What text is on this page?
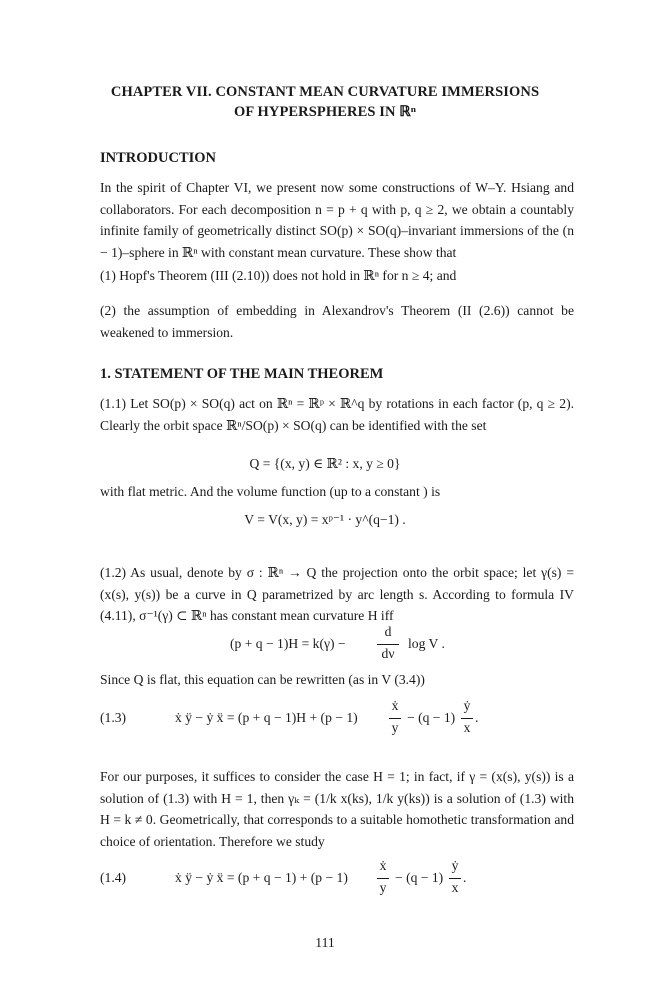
CHAPTER VII. CONSTANT MEAN CURVATURE IMMERSIONS
OF HYPERSPHERES IN ℝⁿ
INTRODUCTION
In the spirit of Chapter VI, we present now some constructions of W–Y. Hsiang and collaborators. For each decomposition n = p + q with p, q ≥ 2, we obtain a countably infinite family of geometrically distinct SO(p) × SO(q)–invariant immersions of the (n − 1)–sphere in ℝⁿ with constant mean curvature. These show that
(1) Hopf's Theorem (III (2.10)) does not hold in ℝⁿ for n ≥ 4; and
(2) the assumption of embedding in Alexandrov's Theorem (II (2.6)) cannot be weakened to immersion.
1. STATEMENT OF THE MAIN THEOREM
(1.1) Let SO(p) × SO(q) act on ℝⁿ = ℝᵖ × ℝ^q by rotations in each factor (p, q ≥ 2). Clearly the orbit space ℝⁿ/SO(p) × SO(q) can be identified with the set
Q = {(x, y) ∈ ℝ² : x, y ≥ 0}
with flat metric. And the volume function (up to a constant ) is
V = V(x, y) = xᵖ⁻¹ · y^(q−1) .
(1.2) As usual, denote by σ : ℝⁿ → Q the projection onto the orbit space; let γ(s) = (x(s), y(s)) be a curve in Q parametrized by arc length s. According to formula IV (4.11), σ⁻¹(γ) ⊂ ℝⁿ has constant mean curvature H iff
(p + q − 1)H = k(γ) −
d
dν
log V .
Since Q is flat, this equation can be rewritten (as in V (3.4))
(1.3)	ẋ ÿ − ẏ ẍ = (p + q − 1)H + (p − 1)
ẋ
y
− (q − 1)
ẏ
x
.
For our purposes, it suffices to consider the case H = 1; in fact, if γ = (x(s), y(s)) is a solution of (1.3) with H = 1, then γₖ = (1/k x(ks), 1/k y(ks)) is a solution of (1.3) with H = k ≠ 0. Geometrically, that corresponds to a suitable homothetic transformation and choice of orientation. Therefore we study
(1.4)	ẋ ÿ − ẏ ẍ = (p + q − 1) + (p − 1)
ẋ
y
− (q − 1)
ẏ
x
.
111
